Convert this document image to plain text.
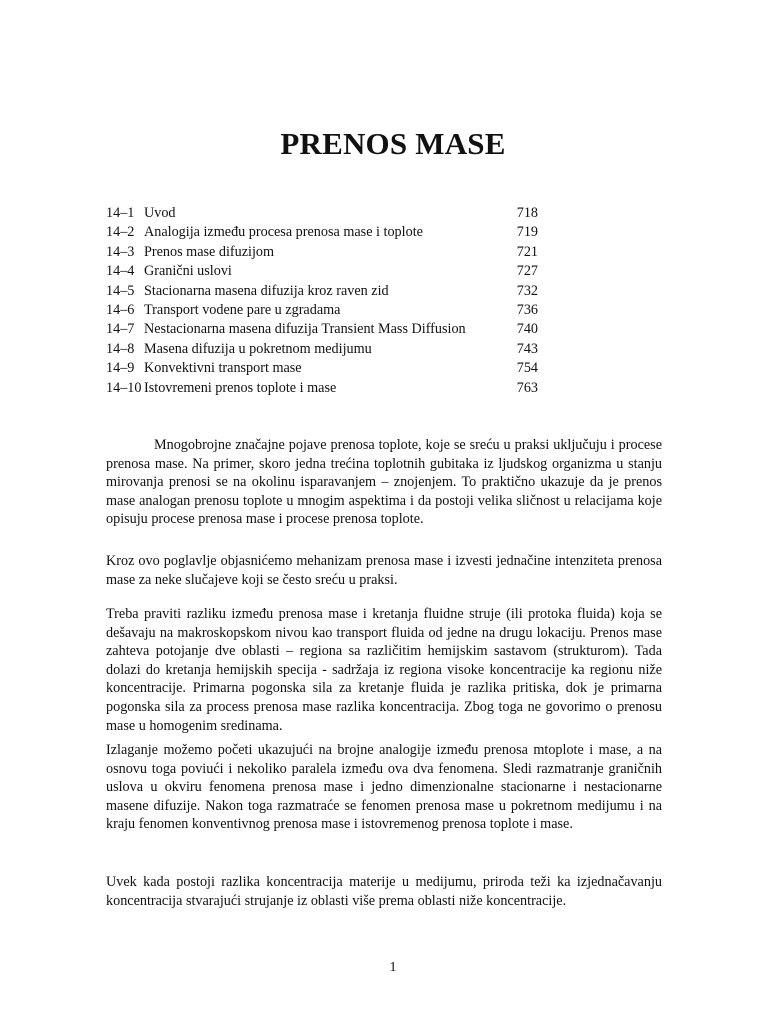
PRENOS MASE
14–1 Uvod	718
14–2 Analogija između procesa prenosa mase i toplote	719
14–3 Prenos mase difuzijom	721
14–4 Granični uslovi	727
14–5 Stacionarna masena difuzija kroz raven zid	732
14–6 Transport vodene pare u zgradama	736
14–7 Nestacionarna masena difuzija Transient Mass Diffusion	740
14–8 Masena difuzija u pokretnom medijumu	743
14–9 Konvektivni transport mase	754
14–10 Istovremeni prenos toplote i mase	763

Mnogobrojne značajne pojave prenosa toplote, koje se sreću u praksi uključuju i procese prenosa mase. Na primer, skoro jedna trećina toplotnih gubitaka iz ljudskog organizma u stanju mirovanja prenosi se na okolinu isparavanjem – znojenjem. To praktično ukazuje da je prenos mase analogan prenosu toplote u mnogim aspektima i da postoji velika sličnost u relacijama koje opisuju procese prenosa mase i procese prenosa toplote.

Kroz ovo poglavlje objasnićemo mehanizam prenosa mase i izvesti jednačine intenziteta prenosa mase za neke slučajeve koji se često sreću u praksi.

Treba praviti razliku između prenosa mase i kretanja fluidne struje (ili protoka fluida) koja se dešavaju na makroskopskom nivou kao transport fluida od jedne na drugu lokaciju. Prenos mase zahteva potojanje dve oblasti – regiona sa različitim hemijskim sastavom (strukturom). Tada dolazi do kretanja hemijskih specija - sadržaja iz regiona visoke koncentracije ka regionu niže koncentracije. Primarna pogonska sila za kretanje fluida je razlika pritiska, dok je primarna pogonska sila za process prenosa mase razlika koncentracija. Zbog toga ne govorimo o prenosu mase u homogenim sredinama.

Izlaganje možemo početi ukazujući na brojne analogije između prenosa mtoplote i mase, a na osnovu toga poviući i nekoliko paralela između ova dva fenomena. Sledi razmatranje graničnih uslova u okviru fenomena prenosa mase i jedno dimenzionalne stacionarne i nestacionarne masene difuzije. Nakon toga razmatraće se fenomen prenosa mase u pokretnom medijumu i na kraju fenomen konventivnog prenosa mase i istovremenog prenosa toplote i mase.

Uvek kada postoji razlika koncentracija materije u medijumu, priroda teži ka izjednačavanju koncentracija stvarajući strujanje iz oblasti više prema oblasti niže koncentracije.

1
